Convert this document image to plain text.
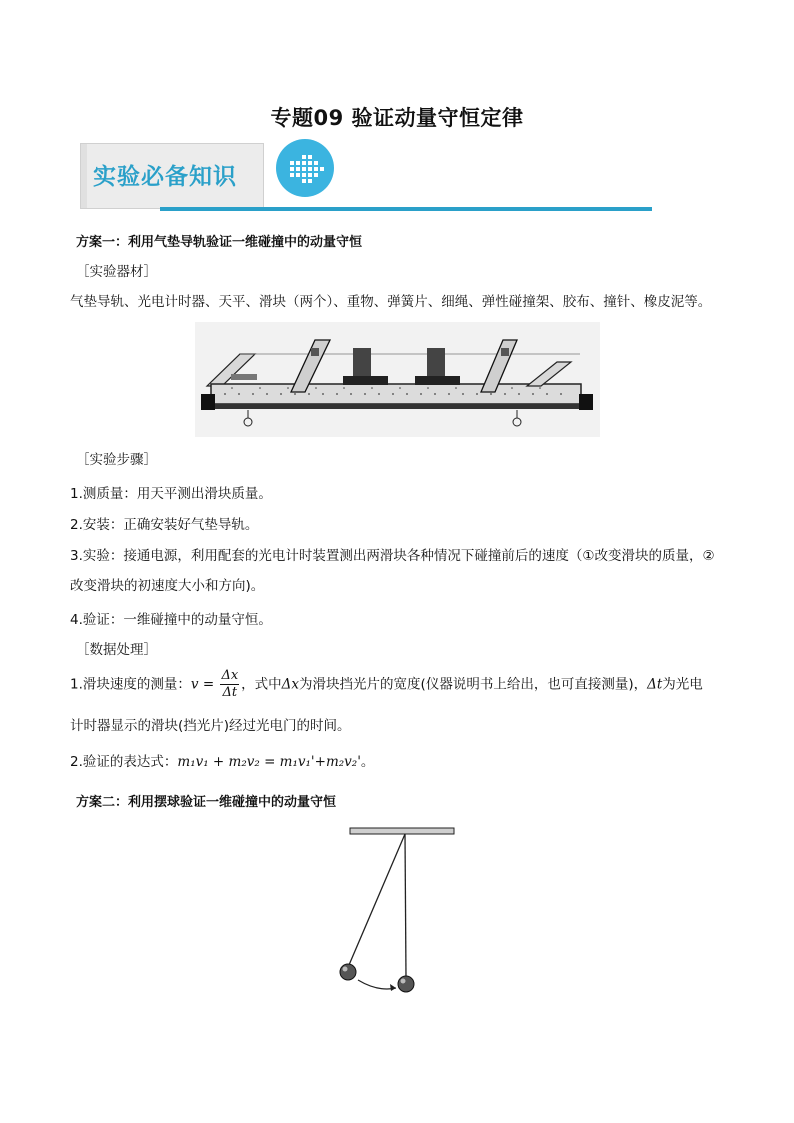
专题09 验证动量守恒定律
实验必备知识
方案一：利用气垫导轨验证一维碰撞中的动量守恒
［实验器材］
气垫导轨、光电计时器、天平、滑块（两个）、重物、弹簧片、细绳、弹性碰撞架、胶布、撞针、橡皮泥等。
［实验步骤］
1.测质量：用天平测出滑块质量。
2.安装：正确安装好气垫导轨。
3.实验：接通电源，利用配套的光电计时装置测出两滑块各种情况下碰撞前后的速度（①改变滑块的质量，②
改变滑块的初速度大小和方向)。
4.验证：一维碰撞中的动量守恒。
［数据处理］
1.滑块速度的测量：$v = \frac{\Delta x}{\Delta t}$ ，式中Δx为滑块挡光片的宽度(仪器说明书上给出，也可直接测量)，Δt为光电
计时器显示的滑块(挡光片)经过光电门的时间。
2.验证的表达式：m₁v₁ + m₂v₂ = m₁v₁'+m₂v₂'。
方案二：利用摆球验证一维碰撞中的动量守恒
